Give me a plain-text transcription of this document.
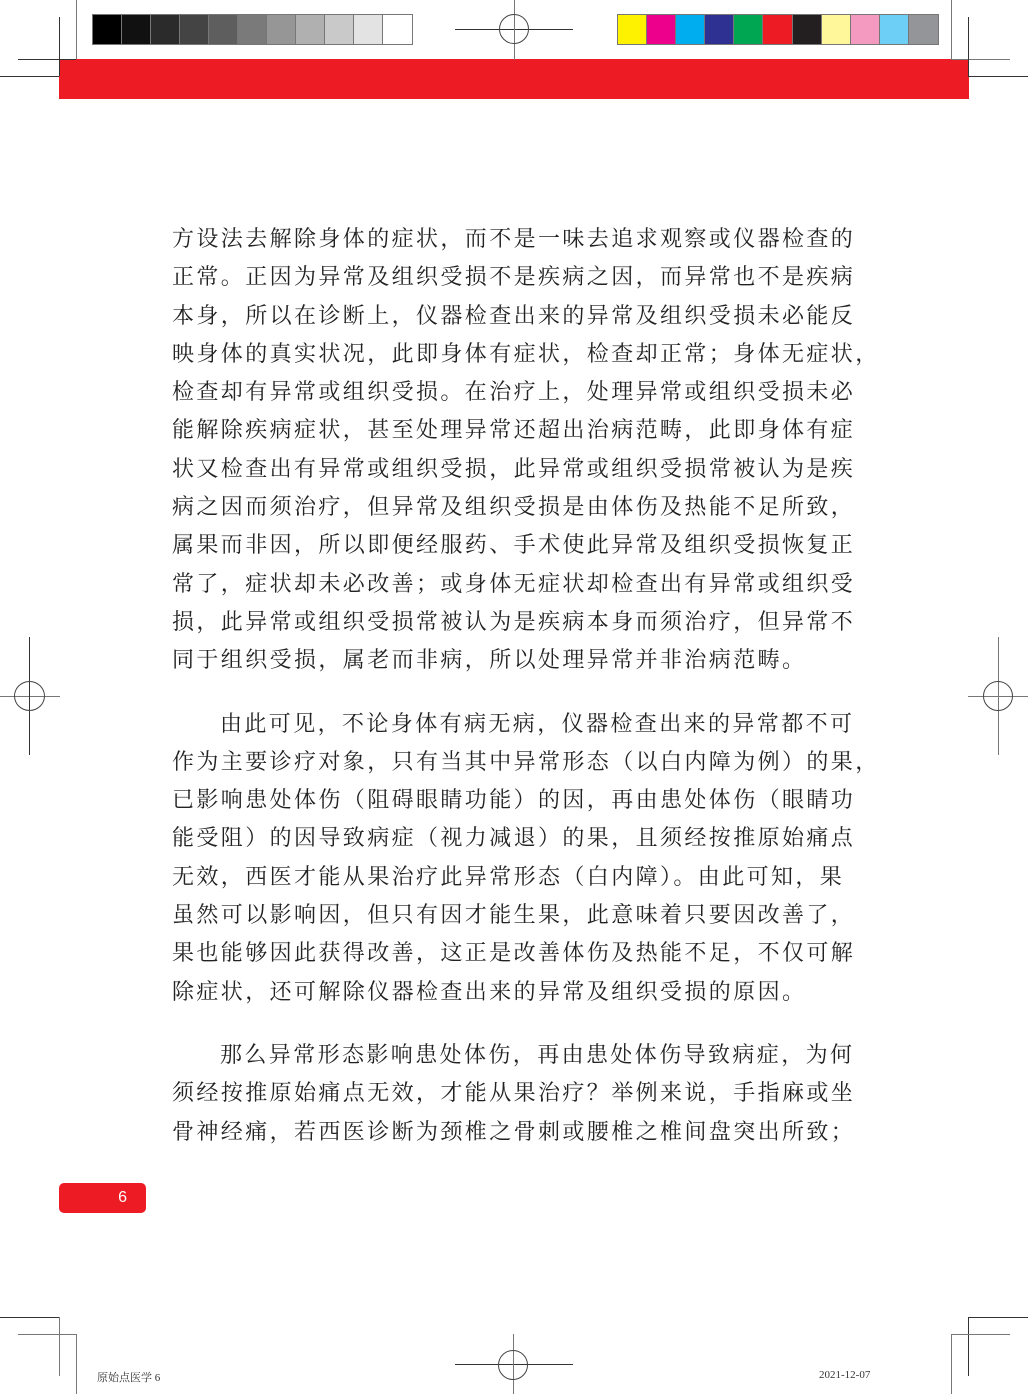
方设法去解除身体的症状，而不是一味去追求观察或仪器检查的
正常。正因为异常及组织受损不是疾病之因，而异常也不是疾病
本身，所以在诊断上，仪器检查出来的异常及组织受损未必能反
映身体的真实状况，此即身体有症状，检查却正常；身体无症状，
检查却有异常或组织受损。在治疗上，处理异常或组织受损未必
能解除疾病症状，甚至处理异常还超出治病范畴，此即身体有症
状又检查出有异常或组织受损，此异常或组织受损常被认为是疾
病之因而须治疗，但异常及组织受损是由体伤及热能不足所致，
属果而非因，所以即便经服药、手术使此异常及组织受损恢复正
常了，症状却未必改善；或身体无症状却检查出有异常或组织受
损，此异常或组织受损常被认为是疾病本身而须治疗，但异常不
同于组织受损，属老而非病，所以处理异常并非治病范畴。

由此可见，不论身体有病无病，仪器检查出来的异常都不可
作为主要诊疗对象，只有当其中异常形态（以白内障为例）的果，
已影响患处体伤（阻碍眼睛功能）的因，再由患处体伤（眼睛功
能受阻）的因导致病症（视力减退）的果，且须经按推原始痛点
无效，西医才能从果治疗此异常形态（白内障）。由此可知，果
虽然可以影响因，但只有因才能生果，此意味着只要因改善了，
果也能够因此获得改善，这正是改善体伤及热能不足，不仅可解
除症状，还可解除仪器检查出来的异常及组织受损的原因。

那么异常形态影响患处体伤，再由患处体伤导致病症，为何
须经按推原始痛点无效，才能从果治疗？举例来说，手指麻或坐
骨神经痛，若西医诊断为颈椎之骨刺或腰椎之椎间盘突出所致；

6
原始点医学 6	2021-12-07
